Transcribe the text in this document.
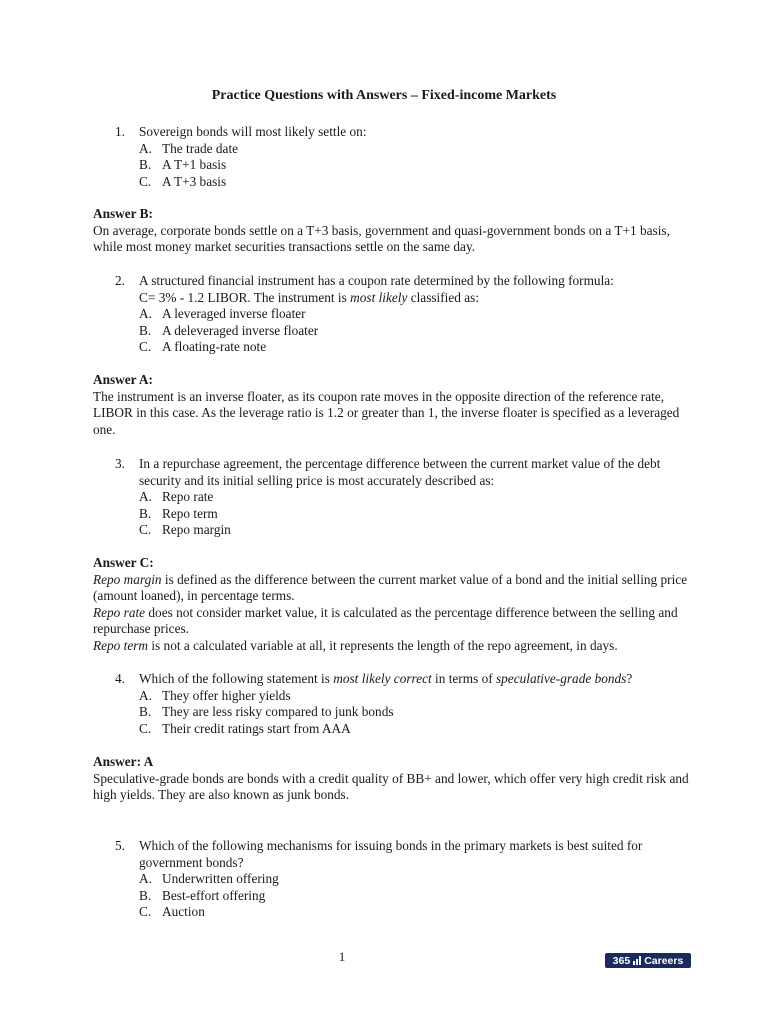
Practice Questions with Answers – Fixed-income Markets
1.	Sovereign bonds will most likely settle on:
A. The trade date
B. A T+1 basis
C. A T+3 basis
Answer B:

On average, corporate bonds settle on a T+3 basis, government and quasi-government bonds on a T+1 basis, while most money market securities transactions settle on the same day.

2.	A structured financial instrument has a coupon rate determined by the following formula:
C= 3% - 1.2 LIBOR. The instrument is most likely classified as:
A. A leveraged inverse floater
B. A deleveraged inverse floater
C. A floating-rate note
Answer A:

The instrument is an inverse floater, as its coupon rate moves in the opposite direction of the reference rate, LIBOR in this case. As the leverage ratio is 1.2 or greater than 1, the inverse floater is specified as a leveraged one.

3.	In a repurchase agreement, the percentage difference between the current market value of the debt security and its initial selling price is most accurately described as:
A. Repo rate
B. Repo term
C. Repo margin
Answer C:

Repo margin is defined as the difference between the current market value of a bond and the initial selling price (amount loaned), in percentage terms.

Repo rate does not consider market value, it is calculated as the percentage difference between the selling and repurchase prices.

Repo term is not a calculated variable at all, it represents the length of the repo agreement, in days.

4.	Which of the following statement is most likely correct in terms of speculative-grade bonds?
A. They offer higher yields
B. They are less risky compared to junk bonds
C. Their credit ratings start from AAA
Answer: A

Speculative-grade bonds are bonds with a credit quality of BB+ and lower, which offer very high credit risk and high yields. They are also known as junk bonds.

5.	Which of the following mechanisms for issuing bonds in the primary markets is best suited for government bonds?
A. Underwritten offering
B. Best-effort offering
C. Auction
1	365 Careers
